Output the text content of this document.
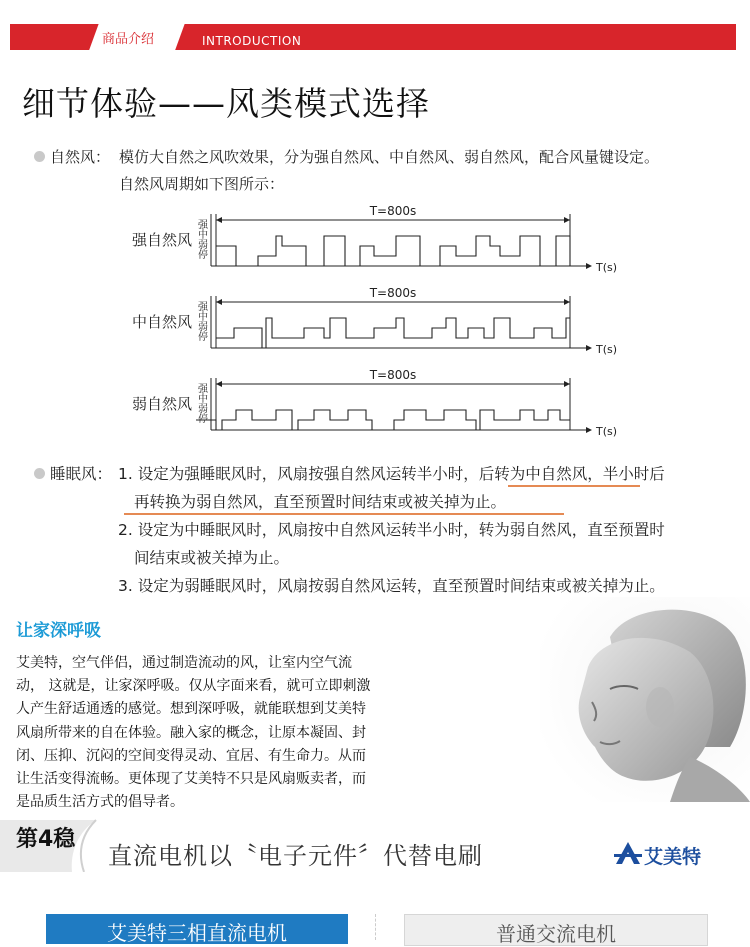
商品介绍	INTRODUCTION
细节体验——风类模式选择
自然风： 模仿大自然之风吹效果，分为强自然风、中自然风、弱自然风，配合风量键设定。
自然风周期如下图所示：
强自然风
强
中
弱
停
T(s)
T=800s
中自然风
强
中
弱
停
T(s)
T=800s
弱自然风
强
中
弱
停
T(s)
T=800s
睡眠风： 1. 设定为强睡眠风时，风扇按强自然风运转半小时，后转为中自然风，半小时后
再转换为弱自然风，直至预置时间结束或被关掉为止。
2. 设定为中睡眠风时，风扇按中自然风运转半小时，转为弱自然风，直至预置时
间结束或被关掉为止。
3. 设定为弱睡眠风时，风扇按弱自然风运转，直至预置时间结束或被关掉为止。
让家深呼吸
艾美特，空气伴侣，通过制造流动的风，让室内空气流
动， 这就是，让家深呼吸。仅从字面来看，就可立即刺激
人产生舒适通透的感觉。想到深呼吸，就能联想到艾美特
风扇所带来的自在体验。融入家的概念，让原本凝固、封
闭、压抑、沉闷的空间变得灵动、宜居、有生命力。从而
让生活变得流畅。更体现了艾美特不只是风扇贩卖者，而
是品质生活方式的倡导者。
第4稳
直流电机以〝电子元件〞代替电刷	艾美特
艾美特三相直流电机	普通交流电机
